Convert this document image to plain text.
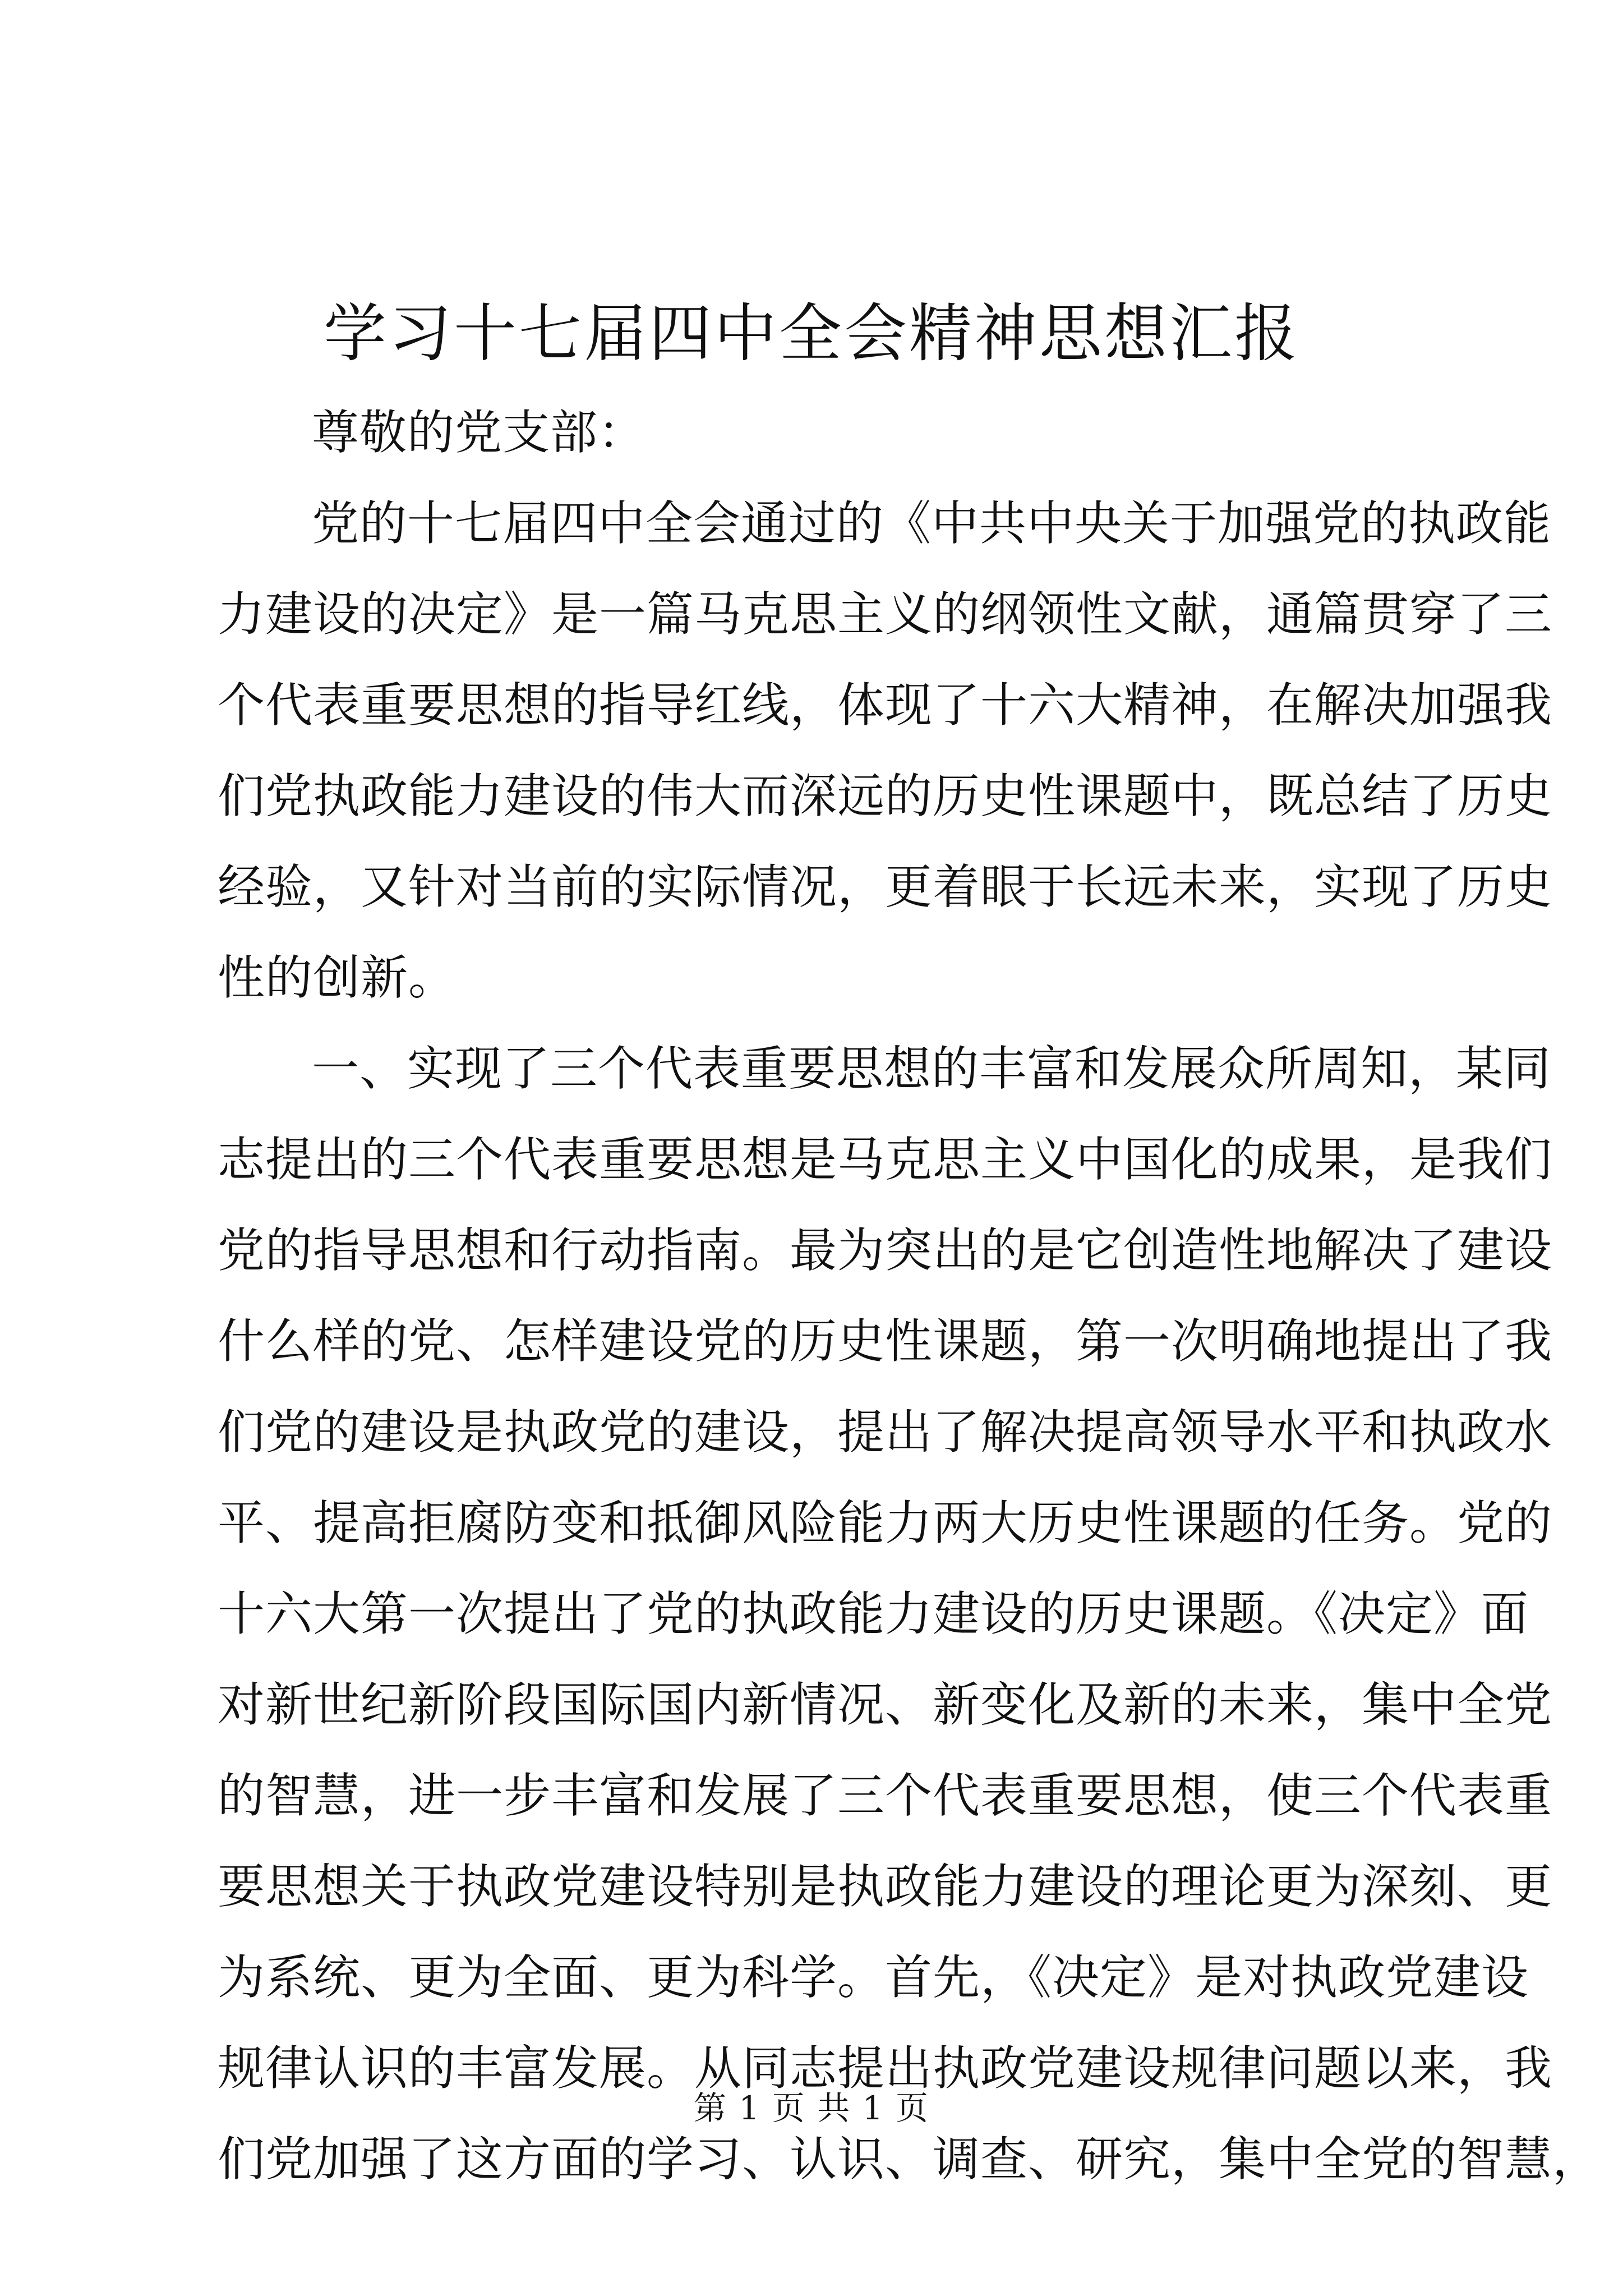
学习十七届四中全会精神思想汇报
尊敬的党支部：
党的十七届四中全会通过的《中共中央关于加强党的执政能
力建设的决定》是一篇马克思主义的纲领性文献，通篇贯穿了三
个代表重要思想的指导红线，体现了十六大精神，在解决加强我
们党执政能力建设的伟大而深远的历史性课题中，既总结了历史
经验，又针对当前的实际情况，更着眼于长远未来，实现了历史
性的创新。
一、实现了三个代表重要思想的丰富和发展众所周知，某同
志提出的三个代表重要思想是马克思主义中国化的成果，是我们
党的指导思想和行动指南。最为突出的是它创造性地解决了建设
什么样的党、怎样建设党的历史性课题，第一次明确地提出了我
们党的建设是执政党的建设，提出了解决提高领导水平和执政水
平、提高拒腐防变和抵御风险能力两大历史性课题的任务。党的
十六大第一次提出了党的执政能力建设的历史课题。《决定》面
对新世纪新阶段国际国内新情况、新变化及新的未来，集中全党
的智慧，进一步丰富和发展了三个代表重要思想，使三个代表重
要思想关于执政党建设特别是执政能力建设的理论更为深刻、更
为系统、更为全面、更为科学。首先，《决定》是对执政党建设
规律认识的丰富发展。从同志提出执政党建设规律问题以来，我
们党加强了这方面的学习、认识、调查、研究，集中全党的智慧，
第 1 页 共 1 页
